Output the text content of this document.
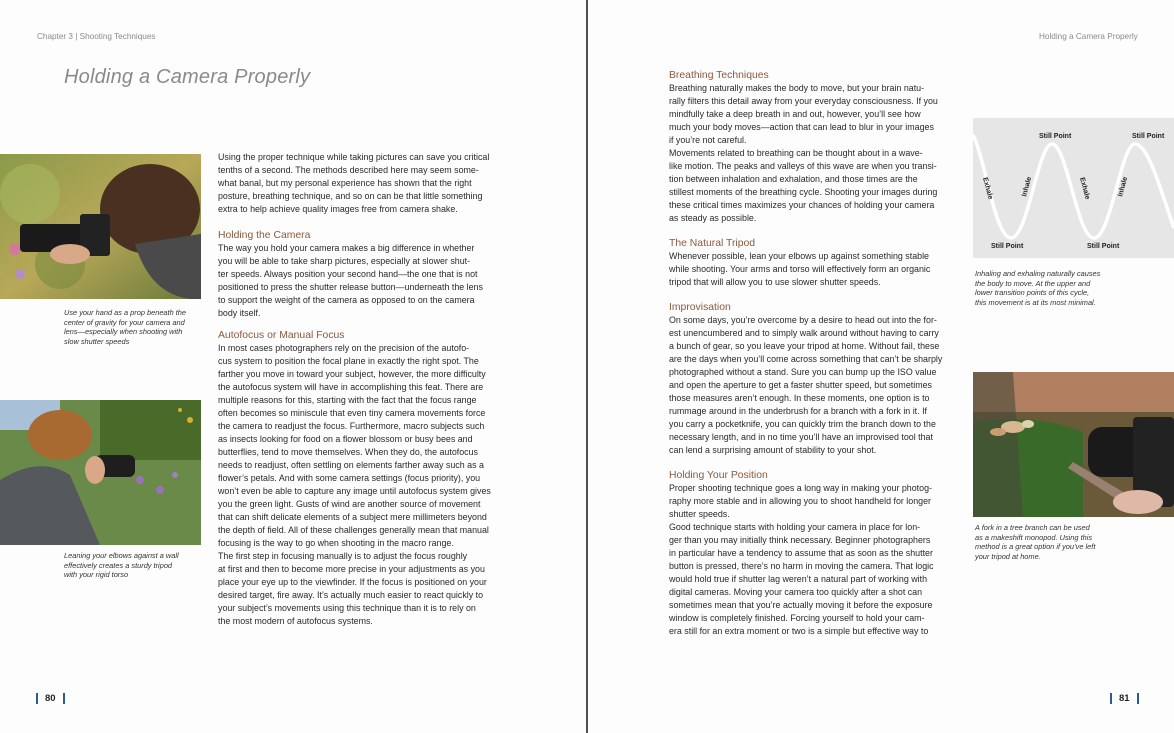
Chapter 3 | Shooting Techniques
Holding a Camera Properly
Use your hand as a prop beneath the
center of gravity for your camera and
lens—especially when shooting with
slow shutter speeds
Leaning your elbows against a wall
effectively creates a sturdy tripod
with your rigid torso
Using the proper technique while taking pictures can save you critical
tenths of a second. The methods described here may seem some-
what banal, but my personal experience has shown that the right
posture, breathing technique, and so on can be that little something
extra to help achieve quality images free from camera shake.
Holding the Camera
The way you hold your camera makes a big difference in whether
you will be able to take sharp pictures, especially at slower shut-
ter speeds. Always position your second hand—the one that is not
positioned to press the shutter release button—underneath the lens
to support the weight of the camera as opposed to on the camera
body itself.
Autofocus or Manual Focus
In most cases photographers rely on the precision of the autofo-
cus system to position the focal plane in exactly the right spot. The
farther you move in toward your subject, however, the more difficulty
the autofocus system will have in accomplishing this feat. There are
multiple reasons for this, starting with the fact that the focus range
often becomes so miniscule that even tiny camera movements force
the camera to readjust the focus. Furthermore, macro subjects such
as insects looking for food on a flower blossom or busy bees and
butterflies, tend to move themselves. When they do, the autofocus
needs to readjust, often settling on elements farther away such as a
flower’s petals. And with some camera settings (focus priority), you
won’t even be able to capture any image until autofocus system gives
you the green light. Gusts of wind are another source of movement
that can shift delicate elements of a subject mere millimeters beyond
the depth of field. All of these challenges generally mean that manual
focusing is the way to go when shooting in the macro range.
The first step in focusing manually is to adjust the focus roughly
at first and then to become more precise in your adjustments as you
place your eye up to the viewfinder. If the focus is positioned on your
desired target, fire away. It’s actually much easier to react quickly to
your subject’s movements using this technique than it is to rely on
the most modern of autofocus systems.
80
Holding a Camera Properly
Breathing Techniques
Breathing naturally makes the body to move, but your brain natu-
rally filters this detail away from your everyday consciousness. If you
mindfully take a deep breath in and out, however, you’ll see how
much your body moves—action that can lead to blur in your images
if you’re not careful.
Movements related to breathing can be thought about in a wave-
like motion. The peaks and valleys of this wave are when you transi-
tion between inhalation and exhalation, and those times are the
stillest moments of the breathing cycle. Shooting your images during
these critical times maximizes your chances of holding your camera
as steady as possible.
The Natural Tripod
Whenever possible, lean your elbows up against something stable
while shooting. Your arms and torso will effectively form an organic
tripod that will allow you to use slower shutter speeds.
Improvisation
On some days, you’re overcome by a desire to head out into the for-
est unencumbered and to simply walk around without having to carry
a bunch of gear, so you leave your tripod at home. Without fail, these
are the days when you’ll come across something that can’t be sharply
photographed without a stand. Sure you can bump up the ISO value
and open the aperture to get a faster shutter speed, but sometimes
those measures aren’t enough. In these moments, one option is to
rummage around in the underbrush for a branch with a fork in it. If
you carry a pocketknife, you can quickly trim the branch down to the
necessary length, and in no time you’ll have an improvised tool that
can lend a surprising amount of stability to your shot.
Holding Your Position
Proper shooting technique goes a long way in making your photog-
raphy more stable and in allowing you to shoot handheld for longer
shutter speeds.
Good technique starts with holding your camera in place for lon-
ger than you may initially think necessary. Beginner photographers
in particular have a tendency to assume that as soon as the shutter
button is pressed, there’s no harm in moving the camera. That logic
would hold true if shutter lag weren’t a natural part of working with
digital cameras. Moving your camera too quickly after a shot can
sometimes mean that you’re actually moving it before the exposure
window is completely finished. Forcing yourself to hold your cam-
era still for an extra moment or two is a simple but effective way to
Still Point	Still Point
Still Point	Still Point
Exhale	Exhale
Inhale	Inhale
Inhaling and exhaling naturally causes
the body to move. At the upper and
lower transition points of this cycle,
this movement is at its most minimal.
A fork in a tree branch can be used
as a makeshift monopod. Using this
method is a great option if you’ve left
your tripod at home.
81
